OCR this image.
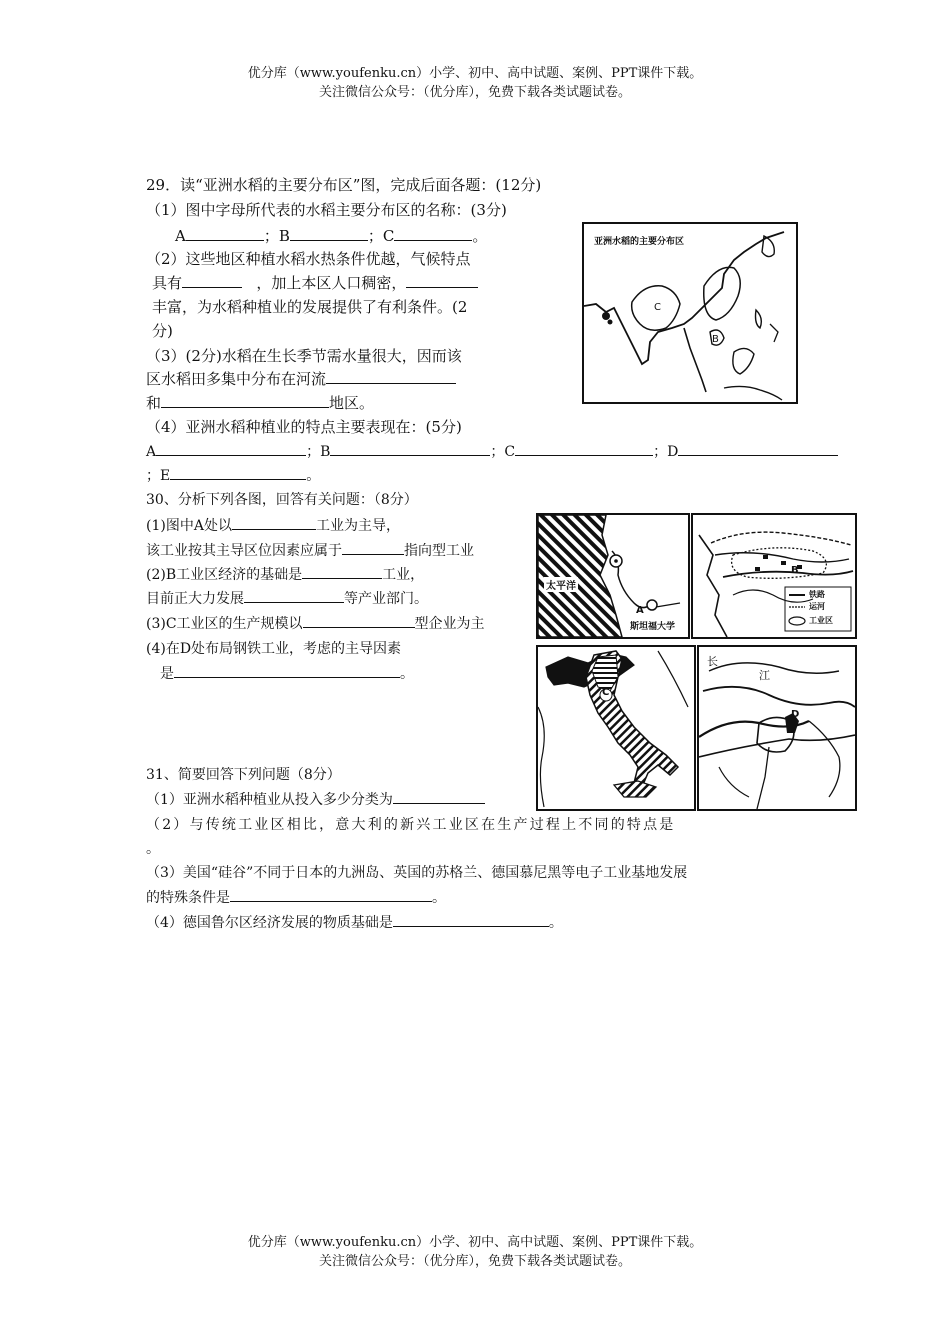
优分库（www.youfenku.cn）小学、初中、高中试题、案例、PPT课件下载。
关注微信公众号：（优分库），免费下载各类试题试卷。
29．读“亚洲水稻的主要分布区”图，完成后面各题：(12分)
（1）图中字母所代表的水稻主要分布区的名称：(3分)
A	；B	；C	。
（2）这些地区种植水稻水热条件优越，气候特点
具有	，加上本区人口稠密，
丰富，为水稻种植业的发展提供了有利条件。(2
分)
（3）(2分)水稻在生长季节需水量很大，因而该
区水稻田多集中分布在河流
和	地区。
（4）亚洲水稻种植业的特点主要表现在：(5分)
A	；B	；C	；D
；E	。
亚洲水稻的主要分布区
C
B
30、分析下列各图，回答有关问题：（8分）
(1)图中A处以	工业为主导，
该工业按其主导区位因素应属于	指向型工业
(2)B工业区经济的基础是	工业，
目前正大力发展	等产业部门。
(3)C工业区的生产规模以	型企业为主
(4)在D处布局钢铁工业，考虑的主导因素
是	。
太平洋
A
斯坦福大学
B
铁路
运河
工业区
C
长
江
D
31、简要回答下列问题（8分）
（1）亚洲水稻种植业从投入多少分类为
（2）与传统工业区相比，意大利的新兴工业区在生产过程上不同的特点是
。
（3）美国“硅谷”不同于日本的九洲岛、英国的苏格兰、德国慕尼黑等电子工业基地发展
的特殊条件是	。
（4）德国鲁尔区经济发展的物质基础是	。
优分库（www.youfenku.cn）小学、初中、高中试题、案例、PPT课件下载。
关注微信公众号：（优分库），免费下载各类试题试卷。
